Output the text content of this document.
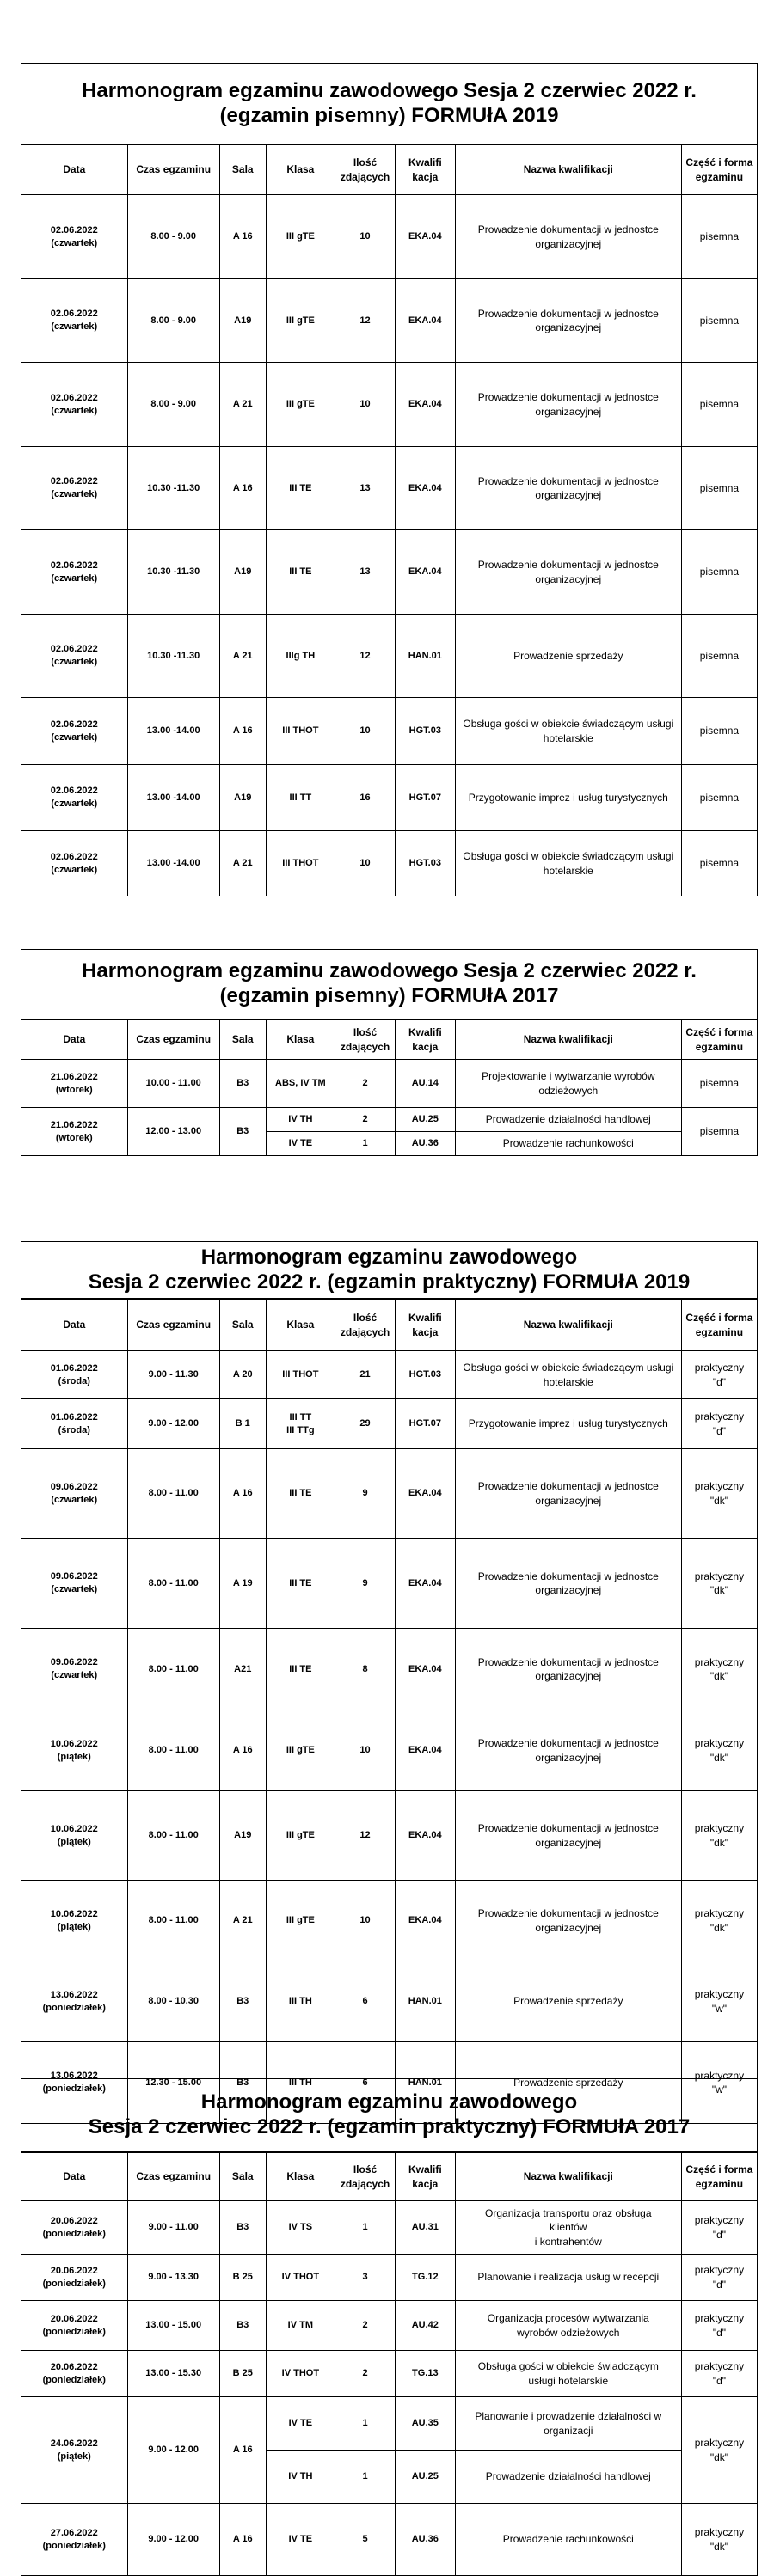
Harmonogram egzaminu zawodowego Sesja 2 czerwiec 2022 r.
(egzamin pisemny) FORMUłA 2019
Data	Czas egzaminu	Sala	Klasa	Ilość zdających	Kwalifi kacja	Nazwa kwalifikacji	Część i forma egzaminu

02.06.2022
(czwartek)	8.00 - 9.00	A 16	III gTE	10	EKA.04	Prowadzenie dokumentacji w jednostce organizacyjnej	pisemna

02.06.2022
(czwartek)	8.00 - 9.00	A19	III gTE	12	EKA.04	Prowadzenie dokumentacji w jednostce organizacyjnej	pisemna

02.06.2022
(czwartek)	8.00 - 9.00	A 21	III gTE	10	EKA.04	Prowadzenie dokumentacji w jednostce organizacyjnej	pisemna

02.06.2022
(czwartek)	10.30 -11.30	A 16	III TE	13	EKA.04	Prowadzenie dokumentacji w jednostce organizacyjnej	pisemna

02.06.2022
(czwartek)	10.30 -11.30	A19	III TE	13	EKA.04	Prowadzenie dokumentacji w jednostce organizacyjnej	pisemna

02.06.2022
(czwartek)	10.30 -11.30	A 21	IIIg TH	12	HAN.01	Prowadzenie sprzedaży	pisemna

02.06.2022
(czwartek)	13.00 -14.00	A 16	III THOT	10	HGT.03	Obsługa gości w obiekcie świadczącym usługi hotelarskie	pisemna

02.06.2022
(czwartek)	13.00 -14.00	A19	III TT	16	HGT.07	Przygotowanie imprez i usług turystycznych	pisemna

02.06.2022
(czwartek)	13.00 -14.00	A 21	III THOT	10	HGT.03	Obsługa gości w obiekcie świadczącym usługi hotelarskie	pisemna
Harmonogram egzaminu zawodowego Sesja 2 czerwiec 2022 r.
(egzamin pisemny) FORMUłA 2017
Data	Czas egzaminu	Sala	Klasa	Ilość zdających	Kwalifi kacja	Nazwa kwalifikacji	Część i forma egzaminu

21.06.2022
(wtorek)	10.00 - 11.00	B3	ABS, IV TM	2	AU.14	Projektowanie i wytwarzanie wyrobów odzieżowych	pisemna

21.06.2022
(wtorek)	12.00 - 13.00	B3	IV TH	2	AU.25	Prowadzenie działalności handlowej	pisemna
			IV TE	1	AU.36	Prowadzenie rachunkowości	
Harmonogram egzaminu zawodowego
Sesja 2 czerwiec 2022 r. (egzamin praktyczny) FORMUłA 2019
Data	Czas egzaminu	Sala	Klasa	Ilość zdających	Kwalifi kacja	Nazwa kwalifikacji	Część i forma egzaminu

01.06.2022
(środa)	9.00 - 11.30	A 20	III THOT	21	HGT.03	Obsługa gości w obiekcie świadczącym usługi hotelarskie	praktyczny
"d"

01.06.2022
(środa)	9.00 - 12.00	B 1	III TT
III TTg	29	HGT.07	Przygotowanie imprez i usług turystycznych	praktyczny
"d"

09.06.2022
(czwartek)	8.00 - 11.00	A 16	III TE	9	EKA.04	Prowadzenie dokumentacji w jednostce organizacyjnej	praktyczny
"dk"

09.06.2022
(czwartek)	8.00 - 11.00	A 19	III TE	9	EKA.04	Prowadzenie dokumentacji w jednostce organizacyjnej	praktyczny
"dk"

09.06.2022
(czwartek)	8.00 - 11.00	A21	III TE	8	EKA.04	Prowadzenie dokumentacji w jednostce organizacyjnej	praktyczny
"dk"

10.06.2022
(piątek)	8.00 - 11.00	A 16	III gTE	10	EKA.04	Prowadzenie dokumentacji w jednostce organizacyjnej	praktyczny
"dk"

10.06.2022
(piątek)	8.00 - 11.00	A19	III gTE	12	EKA.04	Prowadzenie dokumentacji w jednostce organizacyjnej	praktyczny
"dk"

10.06.2022
(piątek)	8.00 - 11.00	A 21	III gTE	10	EKA.04	Prowadzenie dokumentacji w jednostce organizacyjnej	praktyczny
"dk"

13.06.2022
(poniedziałek)	8.00 - 10.30	B3	III TH	6	HAN.01	Prowadzenie sprzedaży	praktyczny
"w"

13.06.2022
(poniedziałek)	12.30 - 15.00	B3	III TH	6	HAN.01	Prowadzenie sprzedaży	praktyczny
"w"
Harmonogram egzaminu zawodowego
Sesja 2 czerwiec 2022 r. (egzamin praktyczny) FORMUłA 2017
Data	Czas egzaminu	Sala	Klasa	Ilość zdających	Kwalifi kacja	Nazwa kwalifikacji	Część i forma egzaminu

20.06.2022
(poniedziałek)	9.00 - 11.00	B3	IV TS	1	AU.31	Organizacja transportu oraz obsługa
klientów
i kontrahentów	praktyczny
"d"

20.06.2022
(poniedziałek)	9.00 - 13.30	B 25	IV THOT	3	TG.12	Planowanie i realizacja usług w recepcji	praktyczny
"d"

20.06.2022
(poniedziałek)	13.00 - 15.00	B3	IV TM	2	AU.42	Organizacja procesów wytwarzania
wyrobów odzieżowych	praktyczny
"d"

20.06.2022
(poniedziałek)	13.00 - 15.30	B 25	IV THOT	2	TG.13	Obsługa gości w obiekcie świadczącym
usługi hotelarskie	praktyczny
"d"

24.06.2022
(piątek)	9.00 - 12.00	A 16	IV TE	1	AU.35	Planowanie i prowadzenie działalności w organizacji	praktyczny
"dk"

			IV TH	1	AU.25	Prowadzenie działalności handlowej	

27.06.2022
(poniedziałek)	9.00 - 12.00	A 16	IV TE	5	AU.36	Prowadzenie rachunkowości	praktyczny
"dk"
